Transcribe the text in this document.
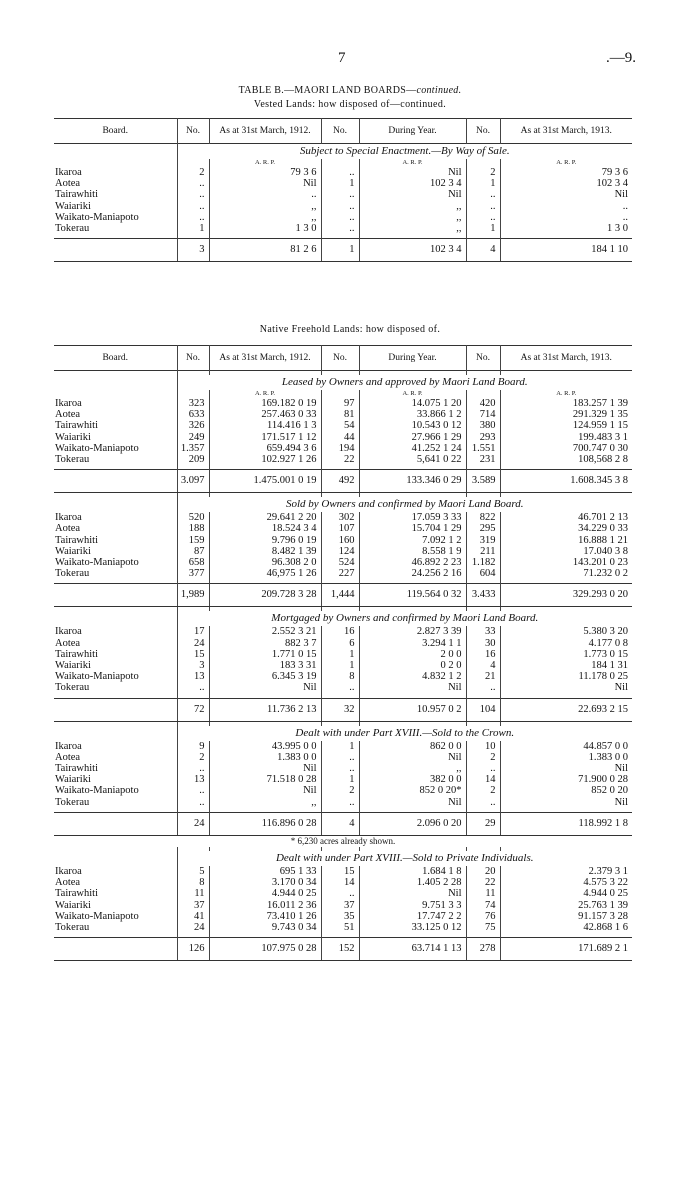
7	.—9.
TABLE B.—MAORI LAND BOARDS—continued.
Vested Lands: how disposed of—continued.
Board.	No.	As at 31st March, 1912.	No.	During Year.	No.	As at 31st March, 1913.
	Subject to Special Enactment.—By Way of Sale.					
		A. R. P.		A. R. P.		A. R. P.
Ikaroa	2	79 3 6	..	Nil	2	79 3 6
Aotea	..	Nil	1	102 3 4	1	102 3 4
Tairawhiti	..	..	..	Nil	..	Nil
Waiariki	..	,,	..	,,	..	..
Waikato-Maniapoto	..	,,	..	,,	..	..
Tokerau	1	1 3 0	..	,,	1	1 3 0

	3	81 2 6	1	102 3 4	4	184 1 10
Native Freehold Lands: how disposed of.
Board.	No.	As at 31st March, 1912.	No.	During Year.	No.	As at 31st March, 1913.

	Leased by Owners and approved by Maori Land Board.					
		A. R. P.		A. R. P.		A. R. P.
Ikaroa	323	169.182 0 19	97	14.075 1 20	420	183.257 1 39
Aotea	633	257.463 0 33	81	33.866 1 2	714	291.329 1 35
Tairawhiti	326	114.416 1 3	54	10.543 0 12	380	124.959 1 15
Waiariki	249	171.517 1 12	44	27.966 1 29	293	199.483 3 1
Waikato-Maniapoto	1.357	659.494 3 6	194	41.252 1 24	1.551	700.747 0 30
Tokerau	209	102.927 1 26	22	5,641 0 22	231	108,568 2 8

	3.097	1.475.001 0 19	492	133.346 0 29	3.589	1.608.345 3 8

	Sold by Owners and confirmed by Maori Land Board.					
Ikaroa	520	29.641 2 20	302	17.059 3 33	822	46.701 2 13
Aotea	188	18.524 3 4	107	15.704 1 29	295	34.229 0 33
Tairawhiti	159	9.796 0 19	160	7.092 1 2	319	16.888 1 21
Waiariki	87	8.482 1 39	124	8.558 1 9	211	17.040 3 8
Waikato-Maniapoto	658	96.308 2 0	524	46.892 2 23	1.182	143.201 0 23
Tokerau	377	46,975 1 26	227	24.256 2 16	604	71.232 0 2

	1,989	209.728 3 28	1,444	119.564 0 32	3.433	329.293 0 20

	Mortgaged by Owners and confirmed by Maori Land Board.					
Ikaroa	17	2.552 3 21	16	2.827 3 39	33	5.380 3 20
Aotea	24	882 3 7	6	3.294 1 1	30	4.177 0 8
Tairawhiti	15	1.771 0 15	1	2 0 0	16	1.773 0 15
Waiariki	3	183 3 31	1	0 2 0	4	184 1 31
Waikato-Maniapoto	13	6.345 3 19	8	4.832 1 2	21	11.178 0 25
Tokerau	..	Nil	..	Nil	..	Nil

	72	11.736 2 13	32	10.957 0 2	104	22.693 2 15

	Dealt with under Part XVIII.—Sold to the Crown.					
Ikaroa	9	43.995 0 0	1	862 0 0	10	44.857 0 0
Aotea	2	1.383 0 0	..	Nil	2	1.383 0 0
Tairawhiti	..	Nil	..	,,	..	Nil
Waiariki	13	71.518 0 28	1	382 0 0	14	71.900 0 28
Waikato-Maniapoto	..	Nil	2	852 0 20*	2	852 0 20
Tokerau	..	,,	..	Nil	..	Nil

	24	116.896 0 28	4	2.096 0 20	29	118.992 1 8
* 6,230 acres already shown.						

	Dealt with under Part XVIII.—Sold to Private Individuals.					
Ikaroa	5	695 1 33	15	1.684 1 8	20	2.379 3 1
Aotea	8	3.170 0 34	14	1.405 2 28	22	4.575 3 22
Tairawhiti	11	4.944 0 25	..	Nil	11	4.944 0 25
Waiariki	37	16.011 2 36	37	9.751 3 3	74	25.763 1 39
Waikato-Maniapoto	41	73.410 1 26	35	17.747 2 2	76	91.157 3 28
Tokerau	24	9.743 0 34	51	33.125 0 12	75	42.868 1 6

	126	107.975 0 28	152	63.714 1 13	278	171.689 2 1
